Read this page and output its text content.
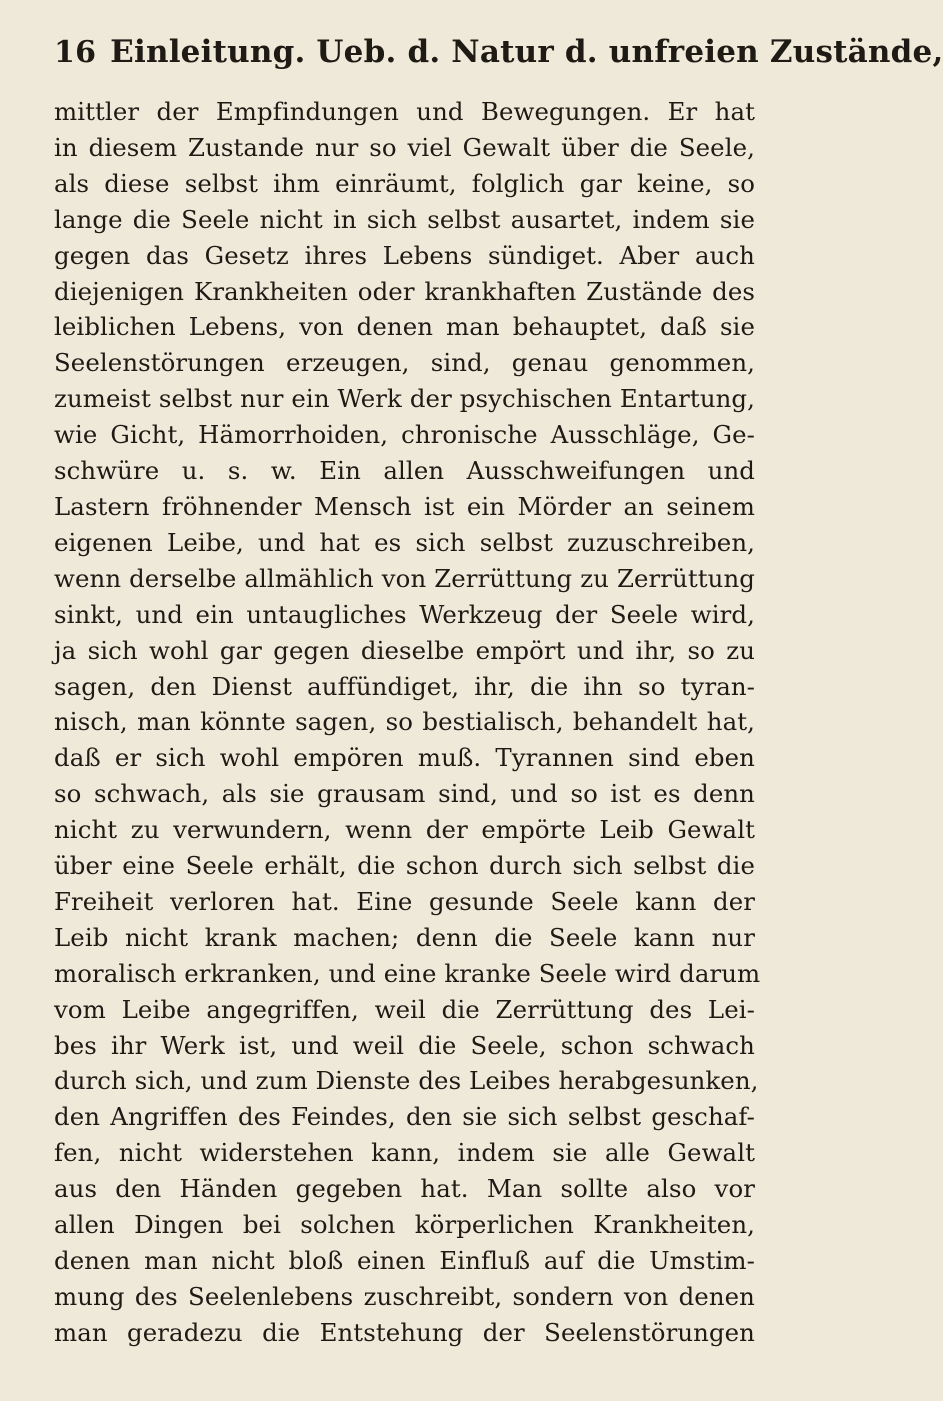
16 Einleitung. Ueb. d. Natur d. unfreien Zustände,
mittler der Empfindungen und Bewegungen. Er hat
in diesem Zustande nur so viel Gewalt über die Seele,
als diese selbst ihm einräumt, folglich gar keine, so
lange die Seele nicht in sich selbst ausartet, indem sie
gegen das Gesetz ihres Lebens sündiget. Aber auch
diejenigen Krankheiten oder krankhaften Zustände des
leiblichen Lebens, von denen man behauptet, daß sie
Seelenstörungen erzeugen, sind, genau genommen,
zumeist selbst nur ein Werk der psychischen Entartung,
wie Gicht, Hämorrhoiden, chronische Ausschläge, Ge-
schwüre u. s. w. Ein allen Ausschweifungen und
Lastern fröhnender Mensch ist ein Mörder an seinem
eigenen Leibe, und hat es sich selbst zuzuschreiben,
wenn derselbe allmählich von Zerrüttung zu Zerrüttung
sinkt, und ein untaugliches Werkzeug der Seele wird,
ja sich wohl gar gegen dieselbe empört und ihr, so zu
sagen, den Dienst auffündiget, ihr, die ihn so tyran-
nisch, man könnte sagen, so bestialisch, behandelt hat,
daß er sich wohl empören muß. Tyrannen sind eben
so schwach, als sie grausam sind, und so ist es denn
nicht zu verwundern, wenn der empörte Leib Gewalt
über eine Seele erhält, die schon durch sich selbst die
Freiheit verloren hat. Eine gesunde Seele kann der
Leib nicht krank machen; denn die Seele kann nur
moralisch erkranken, und eine kranke Seele wird darum
vom Leibe angegriffen, weil die Zerrüttung des Lei-
bes ihr Werk ist, und weil die Seele, schon schwach
durch sich, und zum Dienste des Leibes herabgesunken,
den Angriffen des Feindes, den sie sich selbst geschaf-
fen, nicht widerstehen kann, indem sie alle Gewalt
aus den Händen gegeben hat. Man sollte also vor
allen Dingen bei solchen körperlichen Krankheiten,
denen man nicht bloß einen Einfluß auf die Umstim-
mung des Seelenlebens zuschreibt, sondern von denen
man geradezu die Entstehung der Seelenstörungen
